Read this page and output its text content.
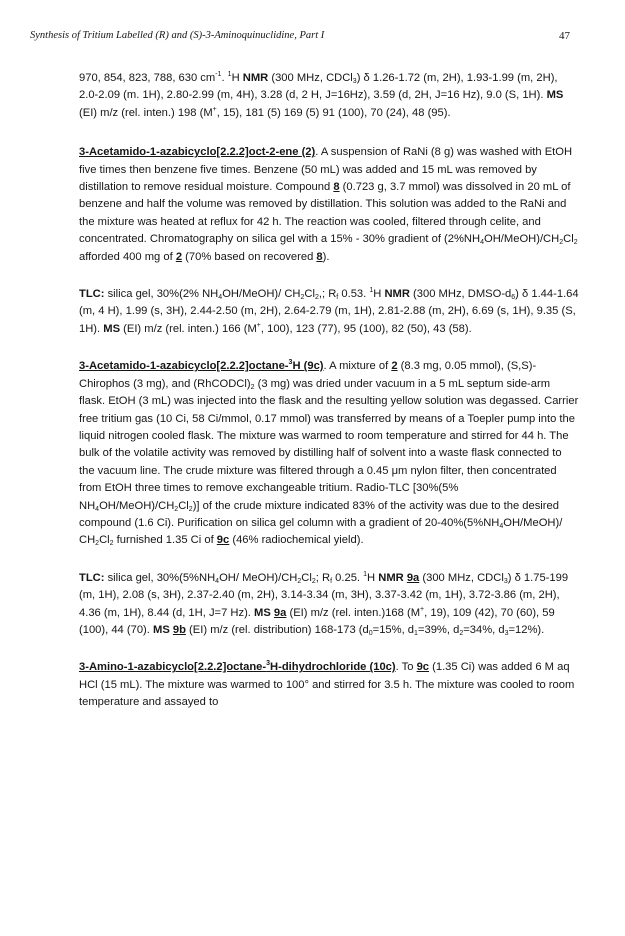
Synthesis of Tritium Labelled (R) and (S)-3-Aminoquinuclidine, Part I	47

970, 854, 823, 788, 630 $cm^{-1}$. $^1$H NMR (300 MHz, CDCl$_3$) δ 1.26-1.72 (m, 2H), 1.93-1.99 (m, 2H), 2.0-2.09 (m. 1H), 2.80-2.99 (m, 4H), 3.28 (d, 2 H, J=16Hz), 3.59 (d, 2H, J=16 Hz), 9.0 (S, 1H). MS (EI) m/z (rel. inten.) 198 (M+, 15), 181 (5) 169 (5) 91 (100), 70 (24), 48 (95).

3-Acetamido-1-azabicyclo[2.2.2]oct-2-ene (2). A suspension of RaNi (8 g) was washed with EtOH five times then benzene five times. Benzene (50 mL) was added and 15 mL was removed by distillation to remove residual moisture. Compound 8 (0.723 g, 3.7 mmol) was dissolved in 20 mL of benzene and half the volume was removed by distillation. This solution was added to the RaNi and the mixture was heated at reflux for 42 h. The reaction was cooled, filtered through celite, and concentrated. Chromatography on silica gel with a 15% - 30% gradient of $(2\%NH_4OH/MeOH)/CH_2Cl_2$ afforded 400 mg of 2 (70% based on recovered 8).

TLC: silica gel, 30%(2% $NH_4OH/MeOH)/$ $CH_2Cl_2$,; $R_f$ 0.53. $^1$H NMR (300 MHz, DMSO-$d_6$) δ 1.44-1.64 (m, 4 H), 1.99 (s, 3H), 2.44-2.50 (m, 2H), 2.64-2.79 (m, 1H), 2.81-2.88 (m, 2H), 6.69 (s, 1H), 9.35 (S, 1H). MS (EI) m/z (rel. inten.) 166 (M+, 100), 123 (77), 95 (100), 82 (50), 43 (58).

3-Acetamido-1-azabicyclo[2.2.2]octane-$^3$H (9c). A mixture of 2 (8.3 mg, 0.05 mmol), (S,S)-Chirophos (3 mg), and $(RhCODCl)_2$ (3 mg) was dried under vacuum in a 5 mL septum side-arm flask. EtOH (3 mL) was injected into the flask and the resulting yellow solution was degassed. Carrier free tritium gas (10 Ci, 58 Ci/mmol, 0.17 mmol) was transferred by means of a Toepler pump into the liquid nitrogen cooled flask. The mixture was warmed to room temperature and stirred for 44 h. The bulk of the volatile activity was removed by distilling half of solvent into a waste flask connected to the vacuum line. The crude mixture was filtered through a 0.45 μm nylon filter, then concentrated from EtOH three times to remove exchangeable tritium. Radio-TLC [30%(5% $NH_4OH/MeOH)/CH_2Cl_2$)] of the crude mixture indicated 83% of the activity was due to the desired compound (1.6 Ci). Purification on silica gel column with a gradient of $20-40\%(5\%NH_4OH/MeOH)/$ $CH_2Cl_2$ furnished 1.35 Ci of 9c (46% radiochemical yield).

TLC: silica gel, $30\%(5\%NH_4OH/$ $MeOH)/CH_2Cl_2$; $R_f$ 0.25. $^1$H NMR 9a (300 MHz, CDCl$_3$) δ 1.75-199 (m, 1H), 2.08 (s, 3H), 2.37-2.40 (m, 2H), 3.14-3.34 (m, 3H), 3.37-3.42 (m, 1H), 3.72-3.86 (m, 2H), 4.36 (m, 1H), 8.44 (d, 1H, J=7 Hz). MS 9a (EI) m/z (rel. inten.)168 (M+, 19), 109 (42), 70 (60), 59 (100), 44 (70). MS 9b (EI) m/z (rel. distribution) 168-173 ($d_0=15\%$, $d_1=39\%$, $d_2=34\%$, $d_3=12\%$).

3-Amino-1-azabicyclo[2.2.2]octane-$^3$H-dihydrochloride (10c). To 9c (1.35 Ci) was added 6 M aq HCl (15 mL). The mixture was warmed to 100° and stirred for 3.5 h. The mixture was cooled to room temperature and assayed to
